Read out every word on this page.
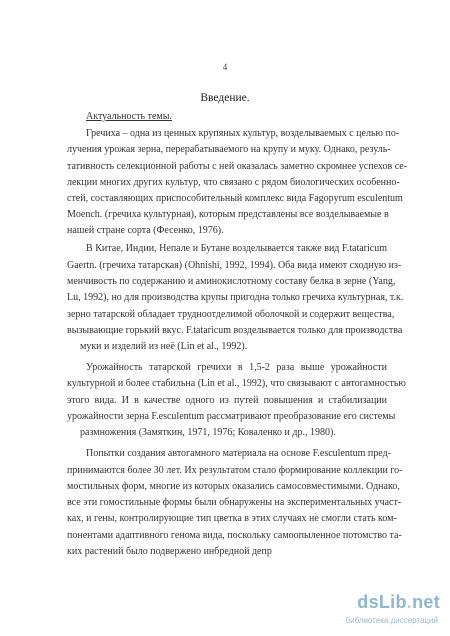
4
Введение.
Актуальность темы.
Гречиха – одна из ценных крупяных культур, возделываемых с целью по-
лучения урожая зерна, перерабатываемого на крупу и муку. Однако, резуль-
тативность селекционной работы с ней оказалась заметно скромнее успехов се-
лекции многих других культур, что связано с рядом биологических особенно-
стей, составляющих приспособительный комплекс вида Fagopyrum esculentum
Moench. (гречиха культурная), которым представлены все возделываемые в
нашей стране сорта (Фесенко, 1976).
В Китае, Индии, Непале и Бутане возделывается также вид F.tataricum
Gaertn. (гречиха татарская) (Ohnishi, 1992, 1994). Оба вида имеют сходную из-
менчивость по содержанию и аминокислотному составу белка в зерне (Yang,
Lu, 1992), но для производства крупы пригодна только гречиха культурная, т.к.
зерно татарской обладает трудноотделимой оболочкой и содержит вещества,
вызывающие горький вкус. F.tataricum возделывается только для производства
муки и изделий из неё (Lin et al., 1992).
Урожайность татарской гречихи в 1,5-2 раза выше урожайности
культурной и более стабильна (Lin et al., 1992), что связывают с автогамностью
этого вида. И в качестве одного из путей повышения и стабилизации
урожайности зерна F.esculentum рассматривают преобразование его системы
размножения (Замяткин, 1971, 1976; Коваленко и др., 1980).
Попытки создания автогамного материала на основе F.esculentum пред-
принимаются более 30 лет. Их результатом стало формирование коллекции го-
мостильных форм, многие из которых оказались самосовместимыми. Однако,
все эти гомостильные формы были обнаружены на экспериментальных участ-
ках, и гены, контролирующие тип цветка в этих случаях не смогли стать ком-
понентами адаптивного генома вида, поскольку самоопыленное потомство та-
ких растений было подвержено инбредной депр
dsLib.net
библиотека диссертаций
